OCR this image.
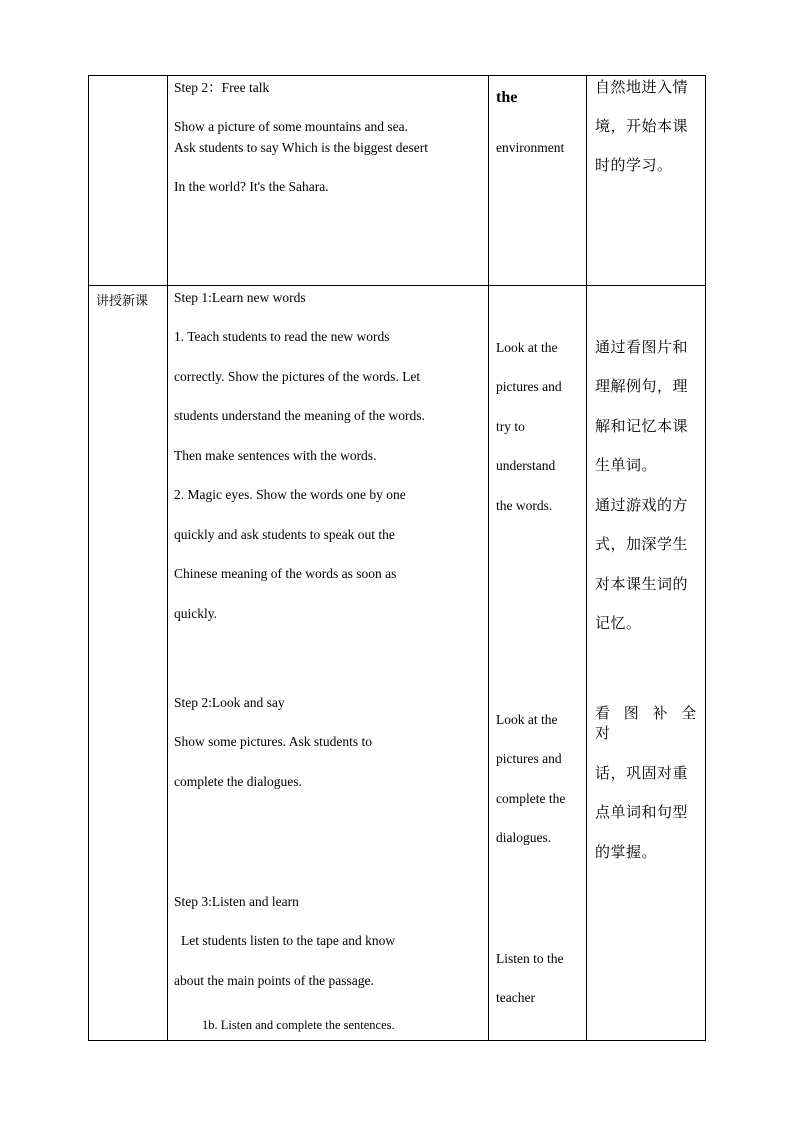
Step 2：Free talk
Show a picture of some mountains and sea.
Ask students to say Which is the biggest desert
In the world? It's the Sahara.
the
environment
自然地进入情
境，开始本课
时的学习。
讲授新课 Step 1:Learn new words
1. Teach students to read the new words
correctly. Show the pictures of the words. Let
students understand the meaning of the words.
Then make sentences with the words.
2. Magic eyes. Show the words one by one
quickly and ask students to speak out the
Chinese meaning of the words as soon as
quickly.
Step 2:Look and say
Show some pictures. Ask students to
complete the dialogues.
Step 3:Listen and learn
Let students listen to the tape and know
about the main points of the passage.
1b. Listen and complete the sentences.
Look at the
pictures and
try to
understand
the words.
Look at the
pictures and
complete the
dialogues.
Listen to the
teacher
通过看图片和
理解例句，理
解和记忆本课
生单词。
通过游戏的方
式，加深学生
对本课生词的
记忆。
看 图 补 全
对
话，巩固对重
点单词和句型
的掌握。
